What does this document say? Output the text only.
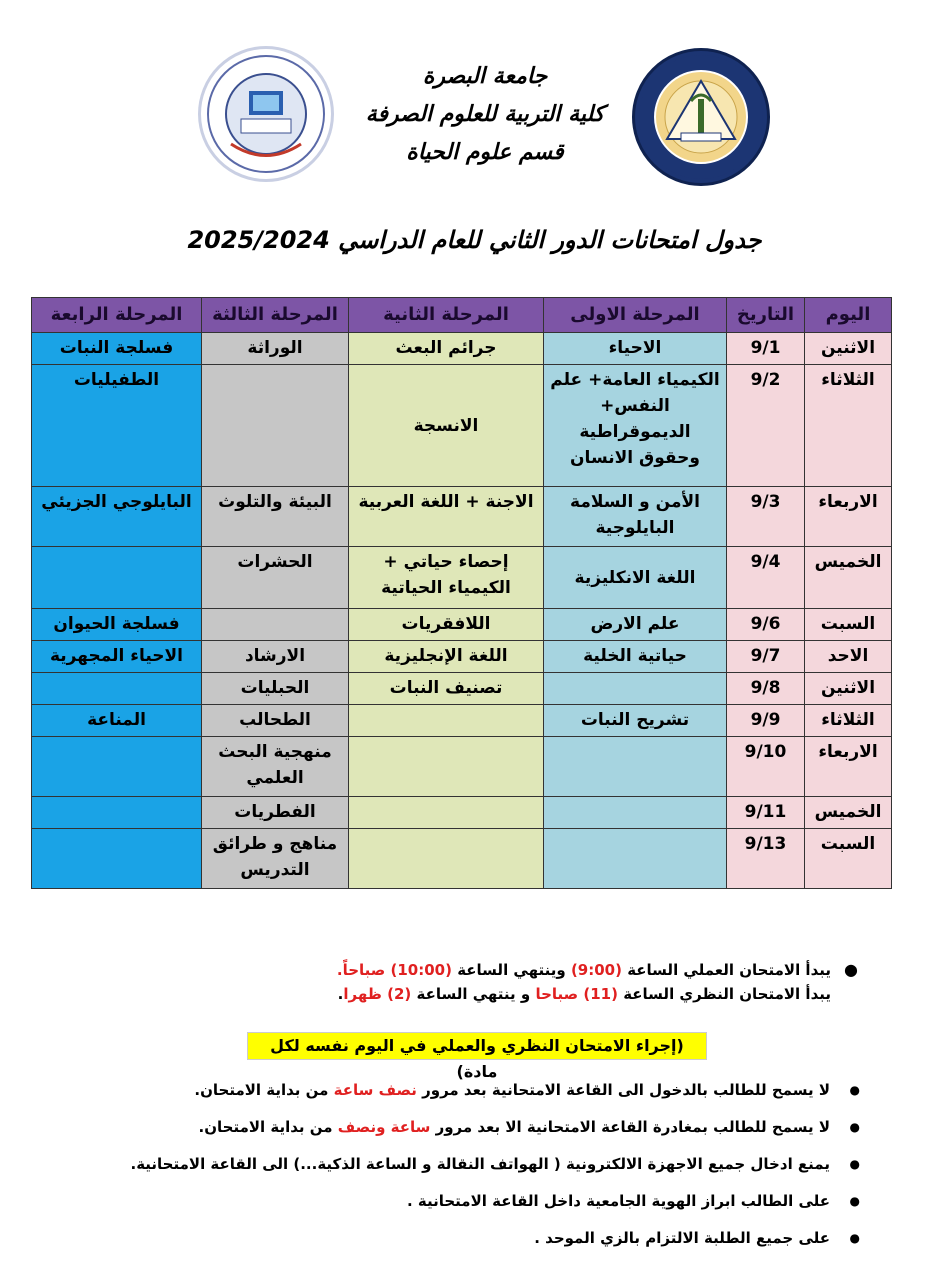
جامعة البصرة
كلية التربية للعلوم الصرفة
قسم علوم الحياة
جدول امتحانات الدور الثاني للعام الدراسي 2025/2024
اليوم	التاريخ	المرحلة الاولى	المرحلة الثانية	المرحلة الثالثة	المرحلة الرابعة
الاثنين	9/1	الاحياء	جرائم البعث	الوراثة	فسلجة النبات
الثلاثاء	9/2	الكيمياء العامة+ علم النفس+ الديموقراطية وحقوق الانسان	الانسجة		الطفيليات
الاربعاء	9/3	الأمن و السلامة البايلوجية	الاجنة + اللغة العربية	البيئة والتلوث	البايلوجي الجزيئي
الخميس	9/4	اللغة الانكليزية	إحصاء حياتي + الكيمياء الحياتية	الحشرات	
السبت	9/6	علم الارض	اللافقريات		فسلجة الحيوان
الاحد	9/7	حياتية الخلية	اللغة الإنجليزية	الارشاد	الاحياء المجهرية
الاثنين	9/8		تصنيف النبات	الحبليات	
الثلاثاء	9/9	تشريح النبات		الطحالب	المناعة
الاربعاء	9/10			منهجية البحث العلمي	
الخميس	9/11			الفطريات	
السبت	9/13			مناهج و طرائق التدريس	
●
يبدأ الامتحان العملي الساعة (9:00) وينتهي الساعة (10:00) صباحاً.
يبدأ الامتحان النظري الساعة (11) صباحا و ينتهي الساعة (2) ظهرا.
(إجراء الامتحان النظري والعملي في اليوم نفسه لكل مادة)
● لا يسمح للطالب بالدخول الى القاعة الامتحانية بعد مرور نصف ساعة من بداية الامتحان.
● لا يسمح للطالب بمغادرة القاعة الامتحانية الا بعد مرور ساعة ونصف من بداية الامتحان.
● يمنع ادخال جميع الاجهزة الالكترونية ( الهواتف النقالة و الساعة الذكية...) الى القاعة الامتحانية.
● على الطالب ابراز الهوية الجامعية داخل القاعة الامتحانية .
● على جميع الطلبة الالتزام بالزي الموحد .
